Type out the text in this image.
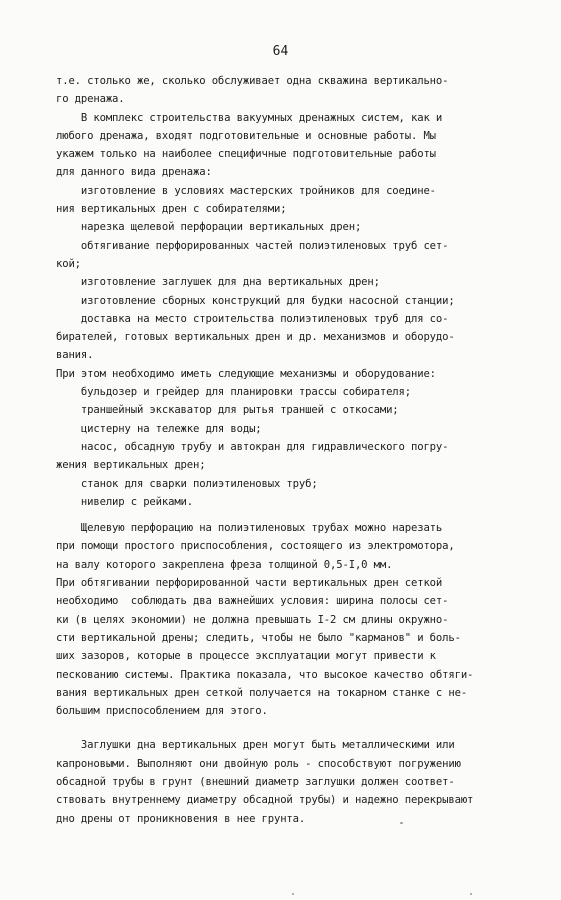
64
т.е. столько же, сколько обслуживает одна скважина вертикально-
го дренажа.
В комплекс строительства вакуумных дренажных систем, как и
любого дренажа, входят подготовительные и основные работы. Мы
укажем только на наиболее специфичные подготовительные работы
для данного вида дренажа:
изготовление в условиях мастерских тройников для соедине-
ния вертикальных дрен с собирателями;
нарезка щелевой перфорации вертикальных дрен;
обтягивание перфорированных частей полиэтиленовых труб сет-
кой;
изготовление заглушек для дна вертикальных дрен;
изготовление сборных конструкций для будки насосной станции;
доставка на место строительства полиэтиленовых труб для со-
бирателей, готовых вертикальных дрен и др. механизмов и оборудо-
вания.
При этом необходимо иметь следующие механизмы и оборудование:
бульдозер и грейдер для планировки трассы собирателя;
траншейный экскаватор для рытья траншей с откосами;
цистерну на тележке для воды;
насос, обсадную трубу и автокран для гидравлического погру-
жения вертикальных дрен;
станок для сварки полиэтиленовых труб;
нивелир с рейками.
Щелевую перфорацию на полиэтиленовых трубах можно нарезать
при помощи простого приспособления, состоящего из электромотора,
на валу которого закреплена фреза толщиной 0,5-I,0 мм.
При обтягивании перфорированной части вертикальных дрен сеткой
необходимо  соблюдать два важнейших условия: ширина полосы сет-
ки (в целях экономии) не должна превышать I-2 см длины окружно-
сти вертикальной дрены; следить, чтобы не было "карманов" и боль-
ших зазоров, которые в процессе эксплуатации могут привести к
пескованию системы. Практика показала, что высокое качество обтяги-
вания вертикальных дрен сеткой получается на токарном станке с не-
большим приспособлением для этого.
Заглушки дна вертикальных дрен могут быть металлическими или
капроновыми. Выполняют они двойную роль - способствуют погружению
обсадной трубы в грунт (внешний диаметр заглушки должен соответ-
ствовать внутреннему диаметру обсадной трубы) и надежно перекрывают
дно дрены от проникновения в нее грунта.
